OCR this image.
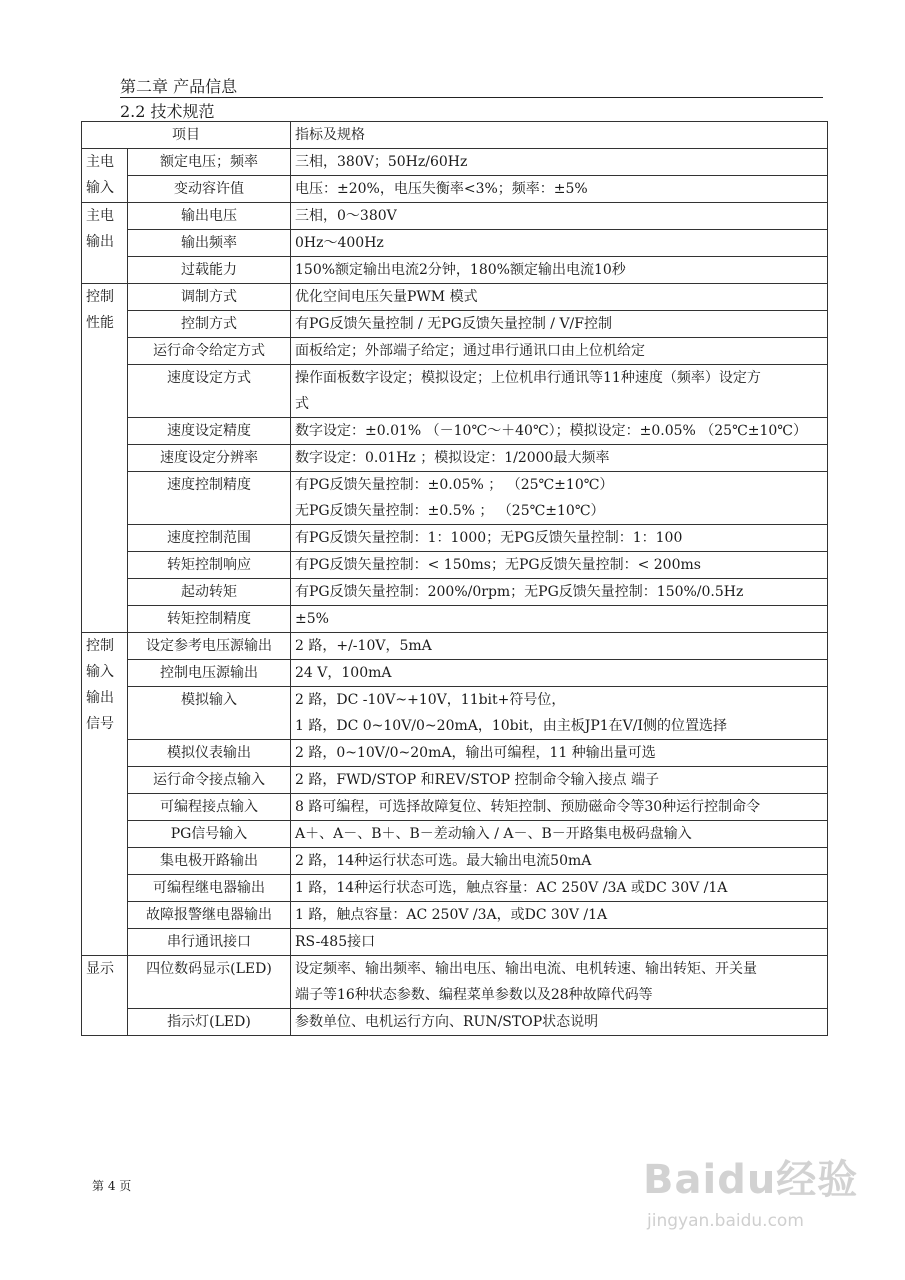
第二章 产品信息
2.2 技术规范
项目		指标及规格

主电
输入	额定电压；频率	三相，380V；50Hz/60Hz

	变动容许值	电压：±20%，电压失衡率<3%；频率：±5%

主电
输出	输出电压	三相，0～380V

	输出频率	0Hz～400Hz

	过载能力	150%额定输出电流2分钟，180%额定输出电流10秒

控制
性能	调制方式	优化空间电压矢量PWM 模式

	控制方式	有PG反馈矢量控制 / 无PG反馈矢量控制 / V/F控制

	运行命令给定方式	面板给定；外部端子给定；通过串行通讯口由上位机给定

	速度设定方式	操作面板数字设定；模拟设定；上位机串行通讯等11种速度（频率）设定方
式

	速度设定精度	数字设定：±0.01% （－10℃～＋40℃）；模拟设定：±0.05% （25℃±10℃）

	速度设定分辨率	数字设定：0.01Hz ；模拟设定：1/2000最大频率

	速度控制精度	有PG反馈矢量控制：±0.05% ； （25℃±10℃）
无PG反馈矢量控制：±0.5% ； （25℃±10℃）

	速度控制范围	有PG反馈矢量控制：1：1000；无PG反馈矢量控制：1：100

	转矩控制响应	有PG反馈矢量控制：< 150ms；无PG反馈矢量控制：< 200ms

	起动转矩	有PG反馈矢量控制：200%/0rpm；无PG反馈矢量控制：150%/0.5Hz

	转矩控制精度	±5%

控制
输入
输出
信号	设定参考电压源输出	2 路，+/-10V，5mA

	控制电压源输出	24 V，100mA

	模拟输入	2 路，DC -10V~+10V，11bit+符号位，
1 路，DC 0~10V/0~20mA，10bit，由主板JP1在V/I侧的位置选择

	模拟仪表输出	2 路，0~10V/0~20mA，输出可编程，11 种输出量可选

	运行命令接点输入	2 路，FWD/STOP 和REV/STOP 控制命令输入接点 端子

	可编程接点输入	8 路可编程，可选择故障复位、转矩控制、预励磁命令等30种运行控制命令

	PG信号输入	A＋、A－、B＋、B－差动输入 / A－、B－开路集电极码盘输入

	集电极开路输出	2 路，14种运行状态可选。最大输出电流50mA

	可编程继电器输出	1 路，14种运行状态可选，触点容量：AC 250V /3A 或DC 30V /1A

	故障报警继电器输出	1 路，触点容量：AC 250V /3A，或DC 30V /1A

	串行通讯接口	RS-485接口

显示	四位数码显示(LED)	设定频率、输出频率、输出电压、输出电流、电机转速、输出转矩、开关量
端子等16种状态参数、编程菜单参数以及28种故障代码等

	指示灯(LED)	参数单位、电机运行方向、RUN/STOP状态说明
第 4 页	Baidu经验
jingyan.baidu.com
